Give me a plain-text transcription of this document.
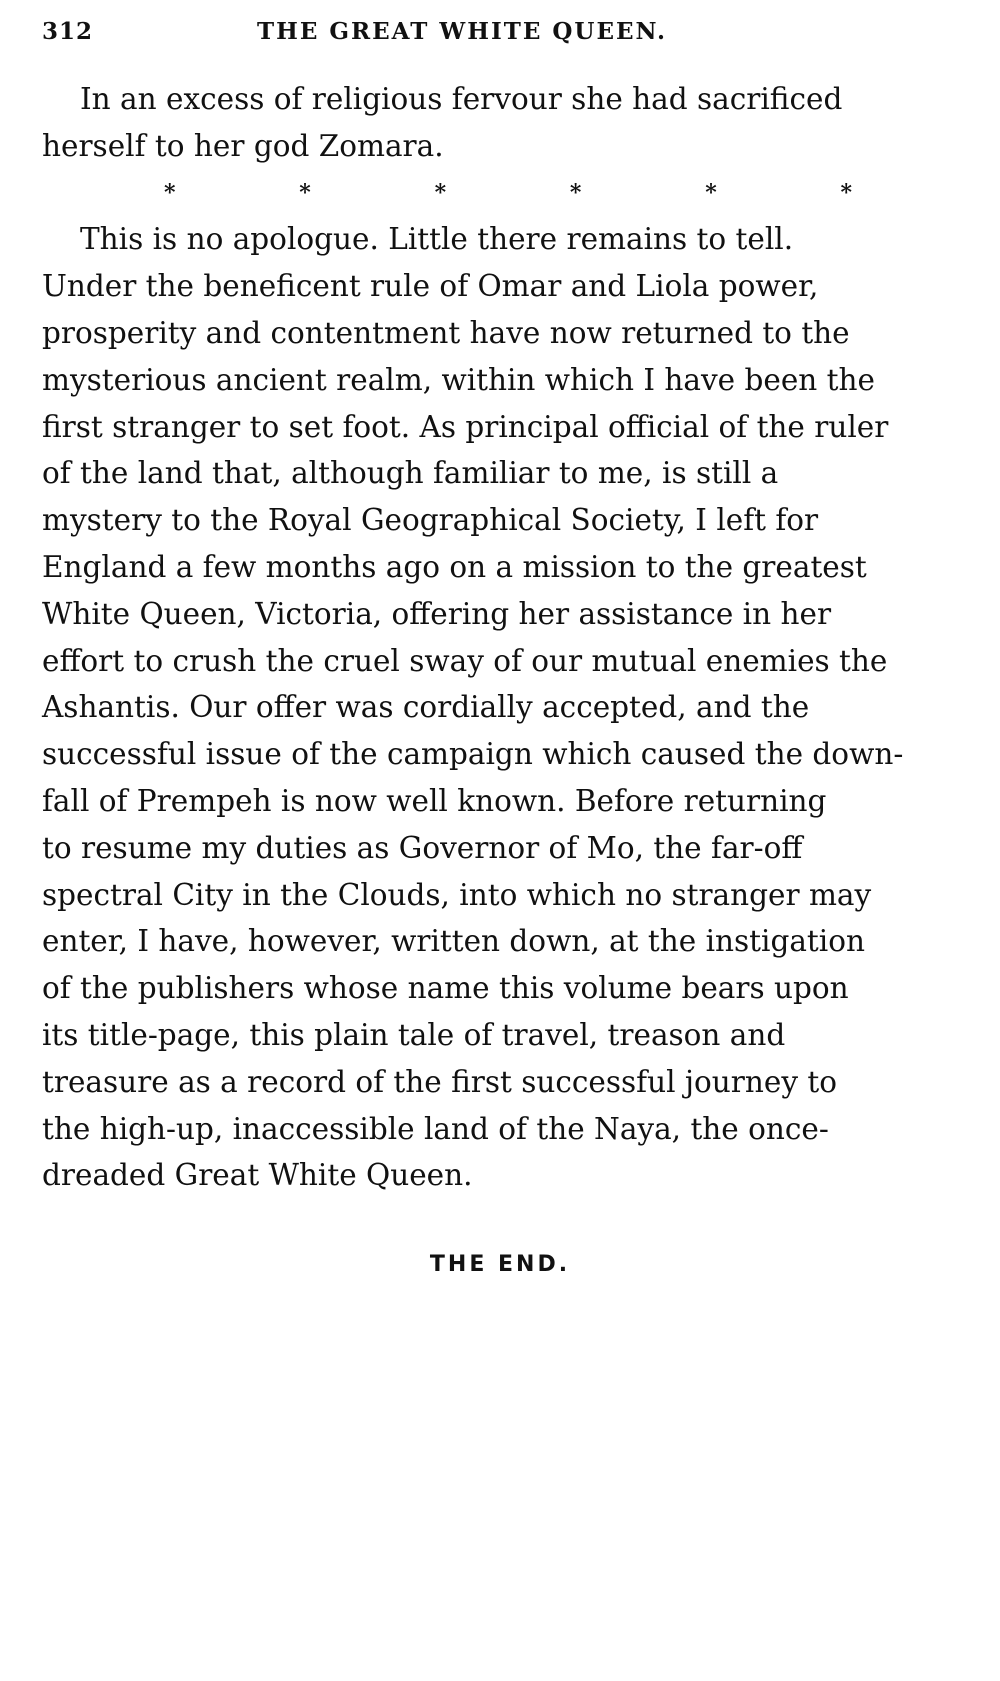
312	THE GREAT WHITE QUEEN.

In an excess of religious fervour she had sacrificed
herself to her god Zomara.

*	*	*	*	*	*

This is no apologue. Little there remains to tell.
Under the beneficent rule of Omar and Liola power,
prosperity and contentment have now returned to the
mysterious ancient realm, within which I have been the
first stranger to set foot. As principal official of the ruler
of the land that, although familiar to me, is still a
mystery to the Royal Geographical Society, I left for
England a few months ago on a mission to the greatest
White Queen, Victoria, offering her assistance in her
effort to crush the cruel sway of our mutual enemies the
Ashantis. Our offer was cordially accepted, and the
successful issue of the campaign which caused the down-
fall of Prempeh is now well known. Before returning
to resume my duties as Governor of Mo, the far-off
spectral City in the Clouds, into which no stranger may
enter, I have, however, written down, at the instigation
of the publishers whose name this volume bears upon
its title-page, this plain tale of travel, treason and
treasure as a record of the first successful journey to
the high-up, inaccessible land of the Naya, the once-
dreaded Great White Queen.

THE END.
